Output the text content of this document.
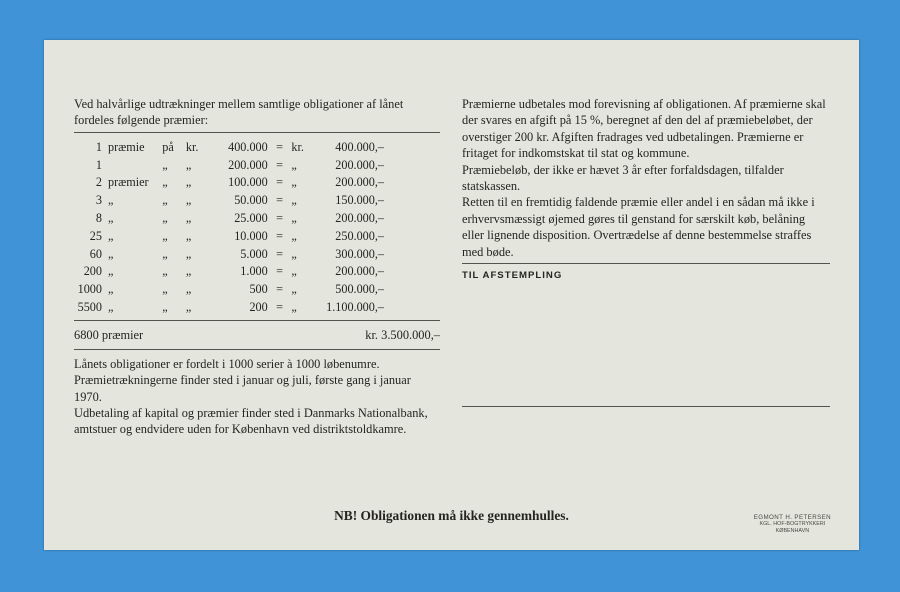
Ved halvårlige udtrækninger mellem samtlige obligationer af lånet fordeles følgende præmier:

1	præmie	på	kr.	400.000	=	kr.	400.000,–
1		„	„	200.000	=	„	200.000,–
2	præmier	„	„	100.000	=	„	200.000,–
3	„	„	„	50.000	=	„	150.000,–
8	„	„	„	25.000	=	„	200.000,–
25	„	„	„	10.000	=	„	250.000,–
60	„	„	„	5.000	=	„	300.000,–
200	„	„	„	1.000	=	„	200.000,–
1000	„	„	„	500	=	„	500.000,–
5500	„	„	„	200	=	„	1.100.000,–
6800 præmier	kr. 3.500.000,–

Lånets obligationer er fordelt i 1000 serier à 1000 løbenumre. Præmietrækningerne finder sted i januar og juli, første gang i januar 1970.

Udbetaling af kapital og præmier finder sted i Danmarks Nationalbank, amtstuer og endvidere uden for København ved distriktstoldkamre.

Præmierne udbetales mod forevisning af obligationen. Af præmierne skal der svares en afgift på 15 %, beregnet af den del af præmiebeløbet, der overstiger 200 kr. Afgiften fradrages ved udbetalingen. Præmierne er fritaget for indkomstskat til stat og kommune.

Præmiebeløb, der ikke er hævet 3 år efter forfaldsdagen, tilfalder statskassen.

Retten til en fremtidig faldende præmie eller andel i en sådan må ikke i erhvervsmæssigt øjemed gøres til genstand for særskilt køb, belåning eller lignende disposition. Overtrædelse af denne bestemmelse straffes med bøde.

TIL AFSTEMPLING
NB! Obligationen må ikke gennemhulles.	EGMONT H. PETERSEN
KGL. HOF-BOGTRYKKERI
KØBENHAVN
